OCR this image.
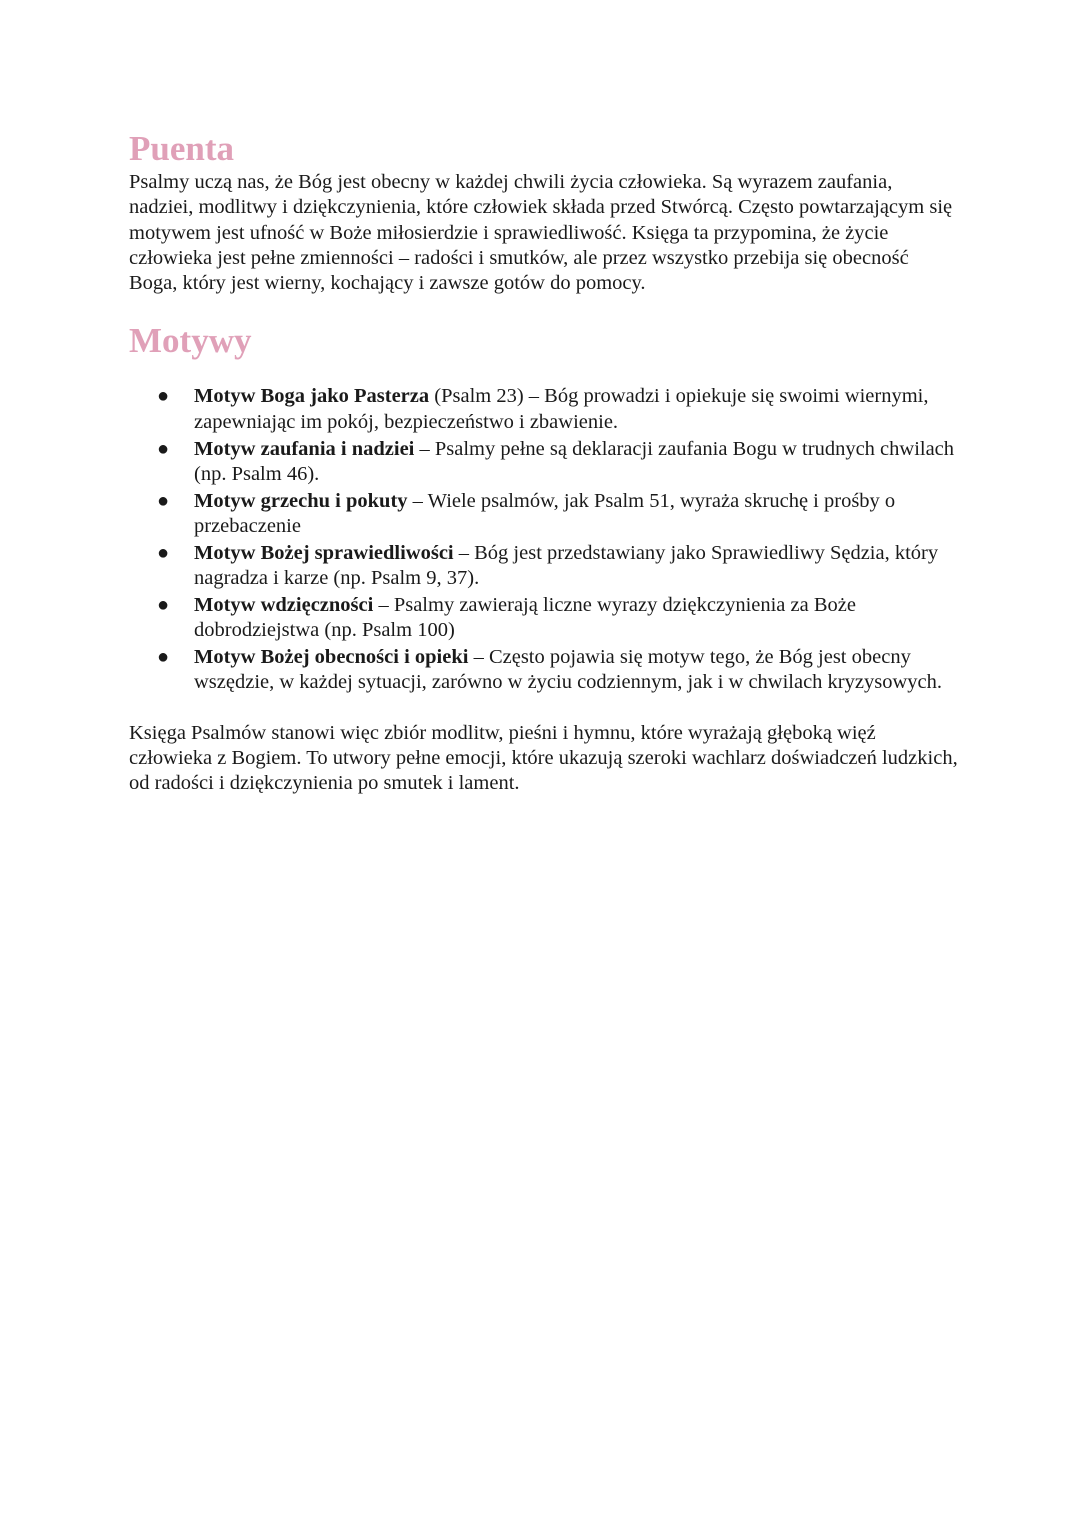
Puenta

Psalmy uczą nas, że Bóg jest obecny w każdej chwili życia człowieka. Są wyrazem zaufania, nadziei, modlitwy i dziękczynienia, które człowiek składa przed Stwórcą. Często powtarzającym się motywem jest ufność w Boże miłosierdzie i sprawiedliwość. Księga ta przypomina, że życie człowieka jest pełne zmienności – radości i smutków, ale przez wszystko przebija się obecność Boga, który jest wierny, kochający i zawsze gotów do pomocy.

Motywy
● Motyw Boga jako Pasterza (Psalm 23) – Bóg prowadzi i opiekuje się swoimi wiernymi, zapewniając im pokój, bezpieczeństwo i zbawienie.
● Motyw zaufania i nadziei – Psalmy pełne są deklaracji zaufania Bogu w trudnych chwilach (np. Psalm 46).
● Motyw grzechu i pokuty – Wiele psalmów, jak Psalm 51, wyraża skruchę i prośby o przebaczenie
● Motyw Bożej sprawiedliwości – Bóg jest przedstawiany jako Sprawiedliwy Sędzia, który nagradza i karze (np. Psalm 9, 37).
● Motyw wdzięczności – Psalmy zawierają liczne wyrazy dziękczynienia za Boże dobrodziejstwa (np. Psalm 100)
● Motyw Bożej obecności i opieki – Często pojawia się motyw tego, że Bóg jest obecny wszędzie, w każdej sytuacji, zarówno w życiu codziennym, jak i w chwilach kryzysowych.

Księga Psalmów stanowi więc zbiór modlitw, pieśni i hymnu, które wyrażają głęboką więź człowieka z Bogiem. To utwory pełne emocji, które ukazują szeroki wachlarz doświadczeń ludzkich, od radości i dziękczynienia po smutek i lament.
